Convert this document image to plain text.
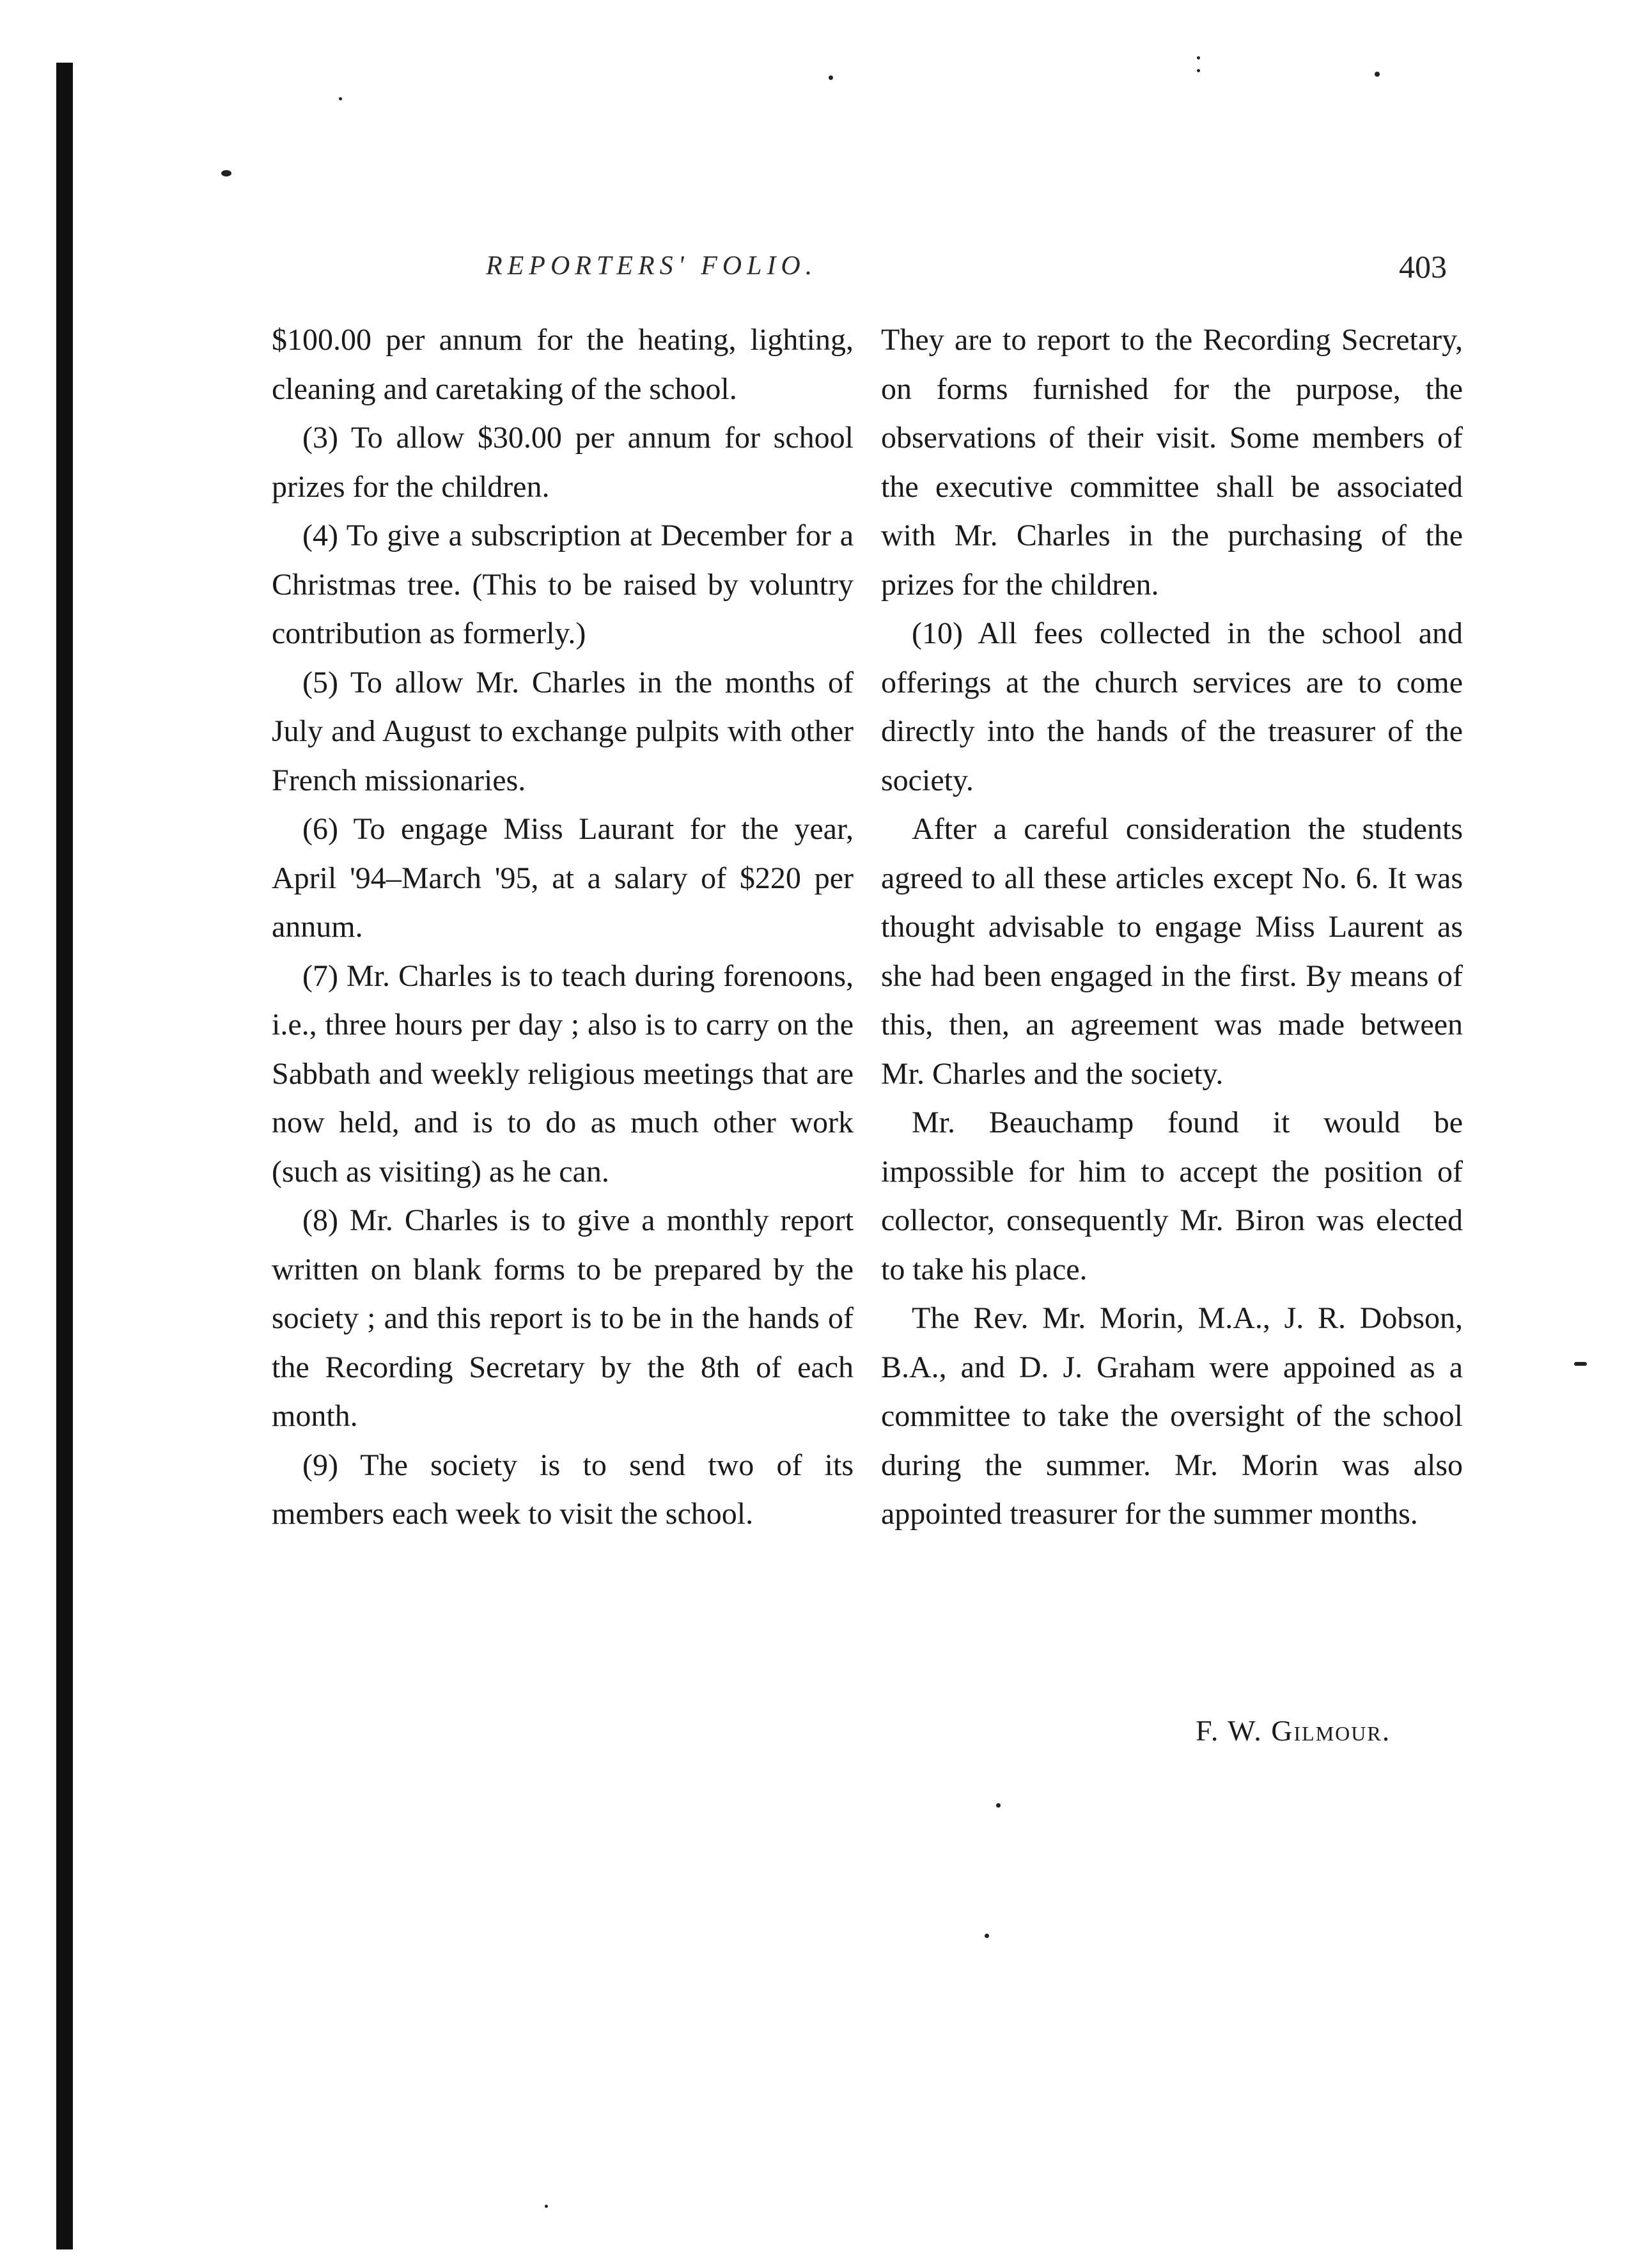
REPORTERS' FOLIO.	403

$100.00 per annum for the heating, lighting, cleaning and caretaking of the school.

(3) To allow $30.00 per annum for school prizes for the children.

(4) To give a subscription at December for a Christmas tree. (This to be raised by voluntry contribution as formerly.)

(5) To allow Mr. Charles in the months of July and August to exchange pulpits with other French missionaries.

(6) To engage Miss Laurant for the year, April '94–March '95, at a salary of $220 per annum.

(7) Mr. Charles is to teach during forenoons, i.e., three hours per day ; also is to carry on the Sabbath and weekly religious meetings that are now held, and is to do as much other work (such as visiting) as he can.

(8) Mr. Charles is to give a monthly report written on blank forms to be prepared by the society ; and this report is to be in the hands of the Recording Secretary by the 8th of each month.

(9) The society is to send two of its members each week to visit the school.

They are to report to the Recording Secretary, on forms furnished for the purpose, the observations of their visit. Some members of the executive committee shall be associated with Mr. Charles in the purchasing of the prizes for the children.

(10) All fees collected in the school and offerings at the church services are to come directly into the hands of the treasurer of the society.

After a careful consideration the students agreed to all these articles except No. 6. It was thought advisable to engage Miss Laurent as she had been engaged in the first. By means of this, then, an agreement was made between Mr. Charles and the society.

Mr. Beauchamp found it would be impossible for him to accept the position of collector, consequently Mr. Biron was elected to take his place.

The Rev. Mr. Morin, M.A., J. R. Dobson, B.A., and D. J. Graham were appoined as a committee to take the oversight of the school during the summer. Mr. Morin was also appointed treasurer for the summer months.

F. W. Gilmour.
